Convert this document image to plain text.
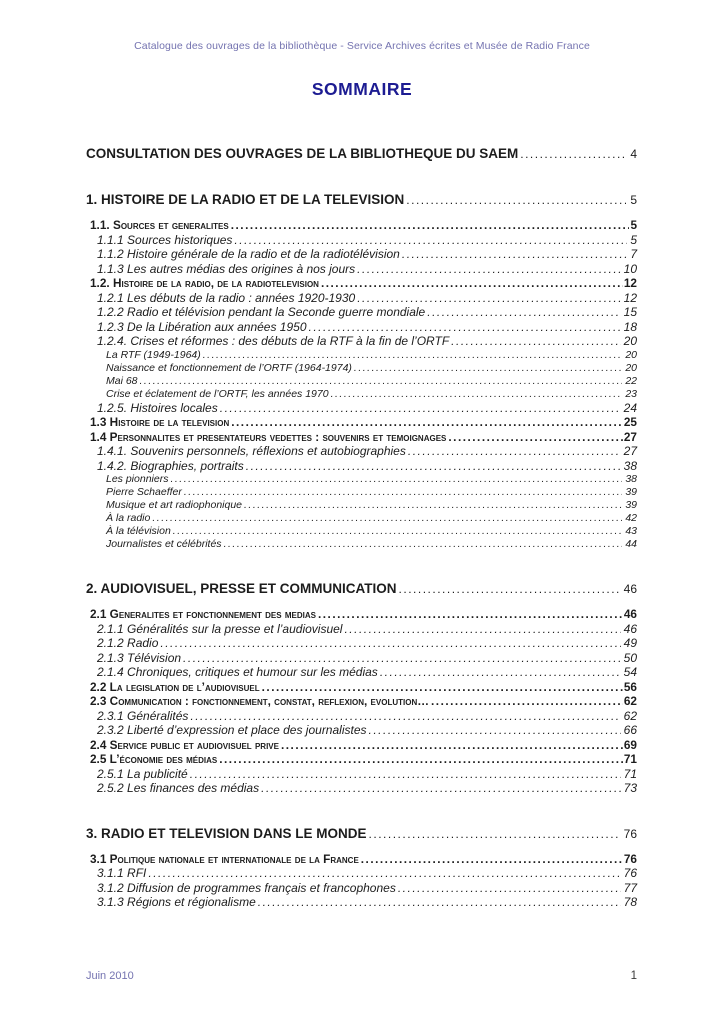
Catalogue des ouvrages de la bibliothèque - Service Archives écrites et Musée de Radio France
SOMMAIRE
CONSULTATION DES OUVRAGES DE LA BIBLIOTHEQUE DU SAEM .....	4
1. HISTOIRE DE LA RADIO ET DE LA TELEVISION .....	5
1.1. Sources et generalites .....	5
1.1.1 Sources historiques .....	5
1.1.2 Histoire générale de la radio et de la radiotélévision .....	7
1.1.3 Les autres médias des origines à nos jours .....	10
1.2. Histoire de la radio, de la radiotelevision .....	12
1.2.1 Les débuts de la radio : années 1920-1930 .....	12
1.2.2 Radio et télévision pendant la Seconde guerre mondiale .....	15
1.2.3 De la Libération aux années 1950 .....	18
1.2.4. Crises et réformes : des débuts de la RTF à la fin de l’ORTF .....	20
La RTF (1949-1964) .....	20
Naissance et fonctionnement de l’ORTF (1964-1974) .....	20
Mai 68 .....	22
Crise et éclatement de l’ORTF, les années 1970 .....	23
1.2.5. Histoires locales .....	24
1.3 Histoire de la television .....	25
1.4 Personnalites et presentateurs vedettes : souvenirs et temoignages .....	27
1.4.1. Souvenirs personnels, réflexions et autobiographies .....	27
1.4.2. Biographies, portraits .....	38
Les pionniers .....	38
Pierre Schaeffer .....	39
Musique et art radiophonique .....	39
À la radio .....	42
À la télévision .....	43
Journalistes et célébrités .....	44
2. AUDIOVISUEL, PRESSE ET COMMUNICATION .....	46
2.1 Generalites et fonctionnement des medias .....	46
2.1.1 Généralités sur la presse et l’audiovisuel .....	46
2.1.2 Radio .....	49
2.1.3 Télévision .....	50
2.1.4 Chroniques, critiques et humour sur les médias .....	54
2.2 La legislation de l’audiovisuel .....	56
2.3 Communication : fonctionnement, constat, reflexion, evolution… .....	62
2.3.1 Généralités .....	62
2.3.2 Liberté d’expression et place des journalistes .....	66
2.4 Service public et audiovisuel prive .....	69
2.5 L’économie des médias .....	71
2.5.1 La publicité .....	71
2.5.2 Les finances des médias .....	73
3. RADIO ET TELEVISION DANS LE MONDE .....	76
3.1 Politique nationale et internationale de la France .....	76
3.1.1 RFI .....	76
3.1.2 Diffusion de programmes français et francophones .....	77
3.1.3 Régions et régionalisme .....	78
Juin 2010	1
